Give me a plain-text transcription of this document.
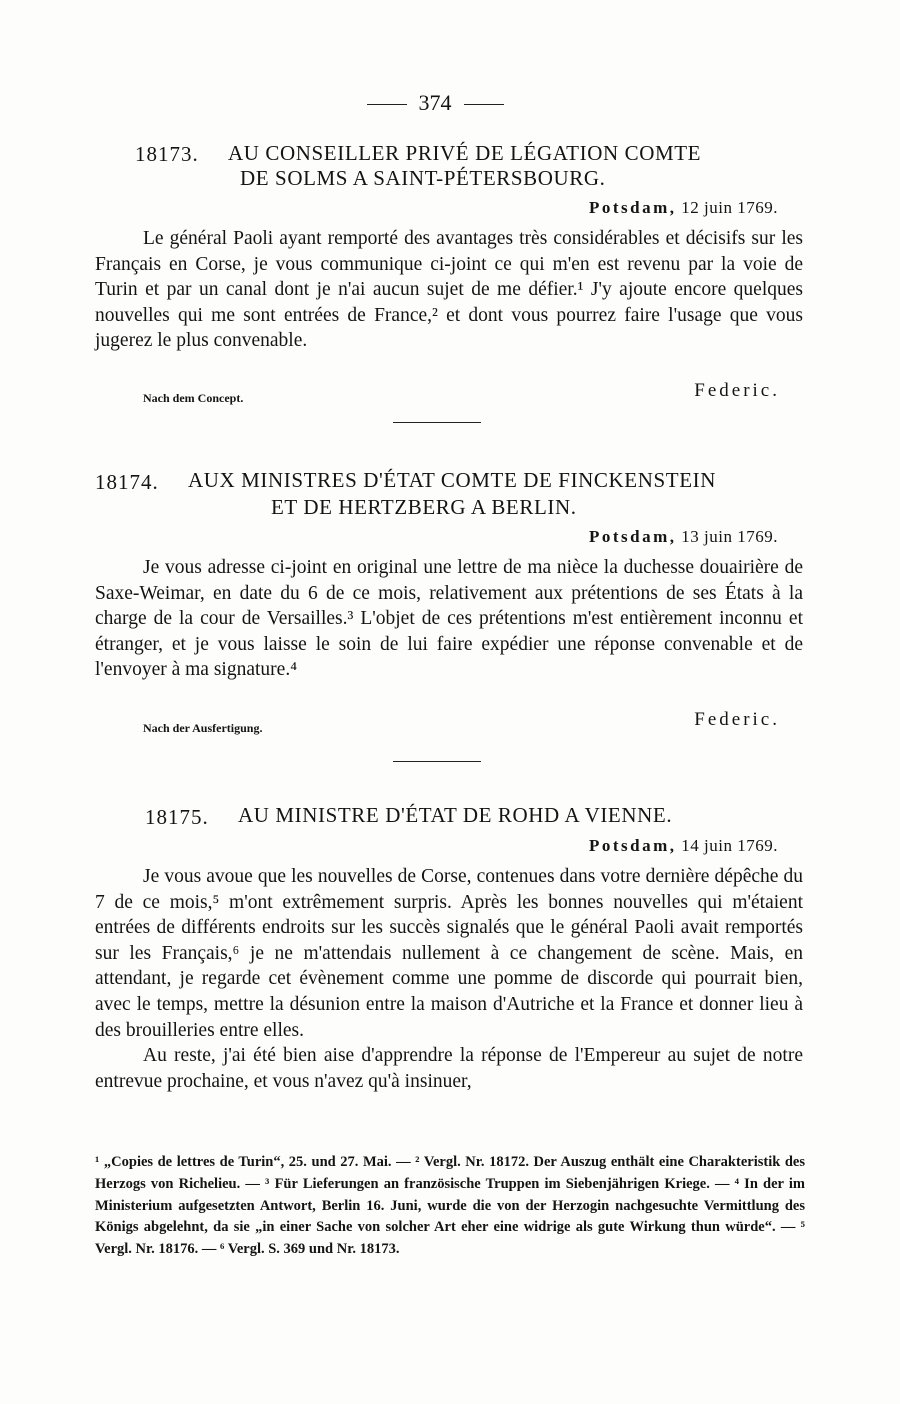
374
18173. AU CONSEILLER PRIVÉ DE LÉGATION COMTE
DE SOLMS A SAINT-PÉTERSBOURG.
Potsdam, 12 juin 1769.

Le général Paoli ayant remporté des avantages très considérables et décisifs sur les Français en Corse, je vous communique ci-joint ce qui m'en est revenu par la voie de Turin et par un canal dont je n'ai aucun sujet de me défier.¹ J'y ajoute encore quelques nouvelles qui me sont entrées de France,² et dont vous pourrez faire l'usage que vous jugerez le plus convenable.

Nach dem Concept.	Federic.
18174. AUX MINISTRES D'ÉTAT COMTE DE FINCKENSTEIN
ET DE HERTZBERG A BERLIN.
Potsdam, 13 juin 1769.

Je vous adresse ci-joint en original une lettre de ma nièce la duchesse douairière de Saxe-Weimar, en date du 6 de ce mois, relativement aux prétentions de ses États à la charge de la cour de Versailles.³ L'objet de ces prétentions m'est entièrement inconnu et étranger, et je vous laisse le soin de lui faire expédier une réponse convenable et de l'envoyer à ma signature.⁴

Nach der Ausfertigung.	Federic.
18175. AU MINISTRE D'ÉTAT DE ROHD A VIENNE.
Potsdam, 14 juin 1769.

Je vous avoue que les nouvelles de Corse, contenues dans votre dernière dépêche du 7 de ce mois,⁵ m'ont extrêmement surpris. Après les bonnes nouvelles qui m'étaient entrées de différents endroits sur les succès signalés que le général Paoli avait remportés sur les Français,⁶ je ne m'attendais nullement à ce changement de scène. Mais, en attendant, je regarde cet évènement comme une pomme de discorde qui pourrait bien, avec le temps, mettre la désunion entre la maison d'Autriche et la France et donner lieu à des brouilleries entre elles.

Au reste, j'ai été bien aise d'apprendre la réponse de l'Empereur au sujet de notre entrevue prochaine, et vous n'avez qu'à insinuer,

¹ „Copies de lettres de Turin“, 25. und 27. Mai. — ² Vergl. Nr. 18172. Der Auszug enthält eine Charakteristik des Herzogs von Richelieu. — ³ Für Lieferungen an französische Truppen im Siebenjährigen Kriege. — ⁴ In der im Ministerium aufgesetzten Antwort, Berlin 16. Juni, wurde die von der Herzogin nachgesuchte Vermittlung des Königs abgelehnt, da sie „in einer Sache von solcher Art eher eine widrige als gute Wirkung thun würde“. — ⁵ Vergl. Nr. 18176. — ⁶ Vergl. S. 369 und Nr. 18173.
